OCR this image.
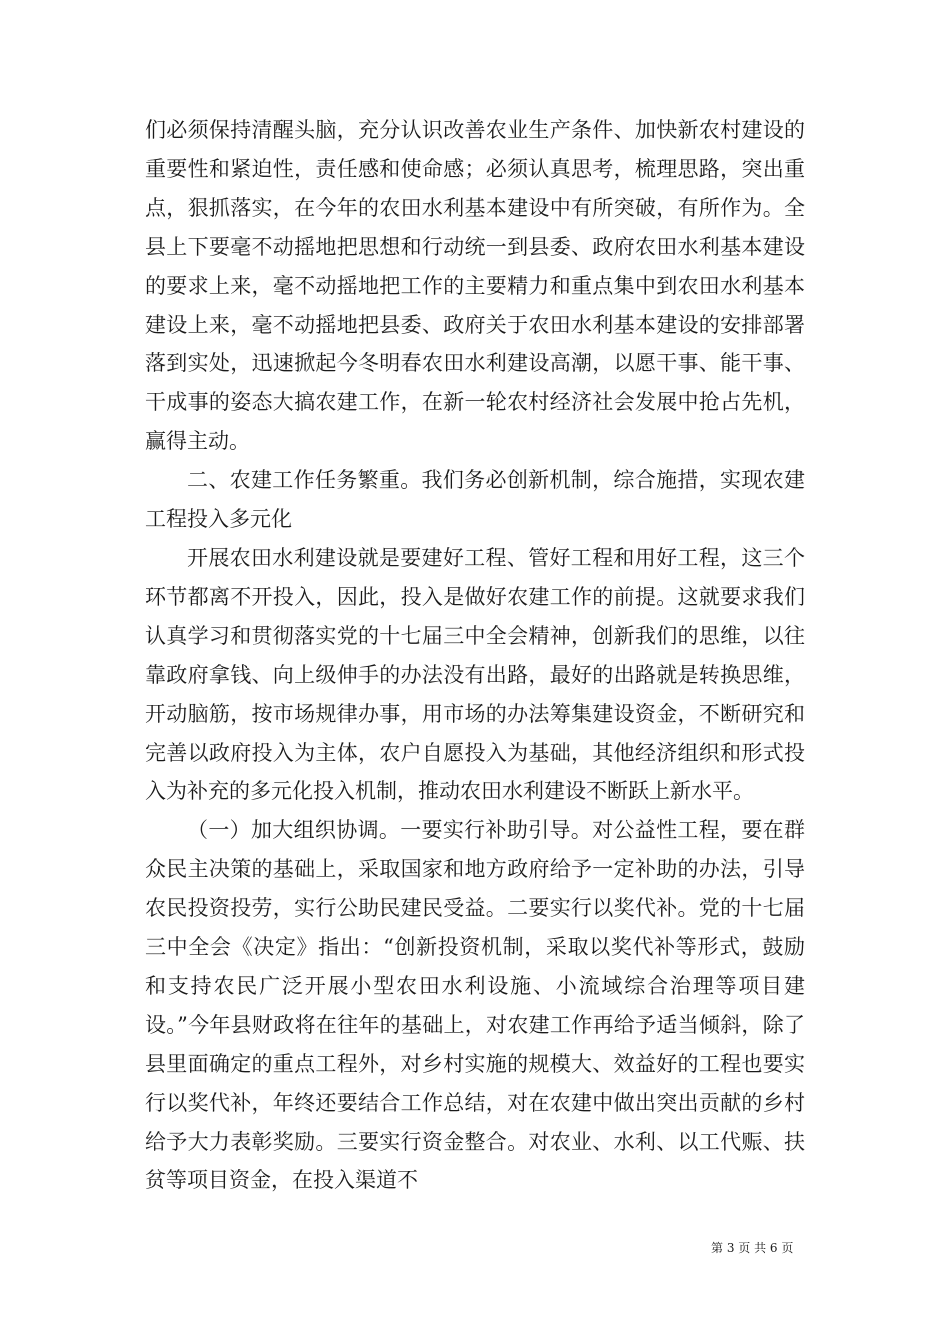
们必须保持清醒头脑，充分认识改善农业生产条件、加快新农村建设的重要性和紧迫性，责任感和使命感；必须认真思考，梳理思路，突出重点，狠抓落实，在今年的农田水利基本建设中有所突破，有所作为。全县上下要毫不动摇地把思想和行动统一到县委、政府农田水利基本建设的要求上来，毫不动摇地把工作的主要精力和重点集中到农田水利基本建设上来，毫不动摇地把县委、政府关于农田水利基本建设的安排部署落到实处，迅速掀起今冬明春农田水利建设高潮，以愿干事、能干事、干成事的姿态大搞农建工作，在新一轮农村经济社会发展中抢占先机，赢得主动。

二、农建工作任务繁重。我们务必创新机制，综合施措，实现农建工程投入多元化

开展农田水利建设就是要建好工程、管好工程和用好工程，这三个环节都离不开投入，因此，投入是做好农建工作的前提。这就要求我们认真学习和贯彻落实党的十七届三中全会精神，创新我们的思维，以往靠政府拿钱、向上级伸手的办法没有出路，最好的出路就是转换思维，开动脑筋，按市场规律办事，用市场的办法筹集建设资金，不断研究和完善以政府投入为主体，农户自愿投入为基础，其他经济组织和形式投入为补充的多元化投入机制，推动农田水利建设不断跃上新水平。

（一）加大组织协调。一要实行补助引导。对公益性工程，要在群众民主决策的基础上，采取国家和地方政府给予一定补助的办法，引导农民投资投劳，实行公助民建民受益。二要实行以奖代补。党的十七届三中全会《决定》指出：“创新投资机制，采取以奖代补等形式，鼓励和支持农民广泛开展小型农田水利设施、小流域综合治理等项目建设。”今年县财政将在往年的基础上，对农建工作再给予适当倾斜，除了县里面确定的重点工程外，对乡村实施的规模大、效益好的工程也要实行以奖代补，年终还要结合工作总结，对在农建中做出突出贡献的乡村给予大力表彰奖励。三要实行资金整合。对农业、水利、以工代赈、扶贫等项目资金，在投入渠道不

第 3 页 共 6 页
